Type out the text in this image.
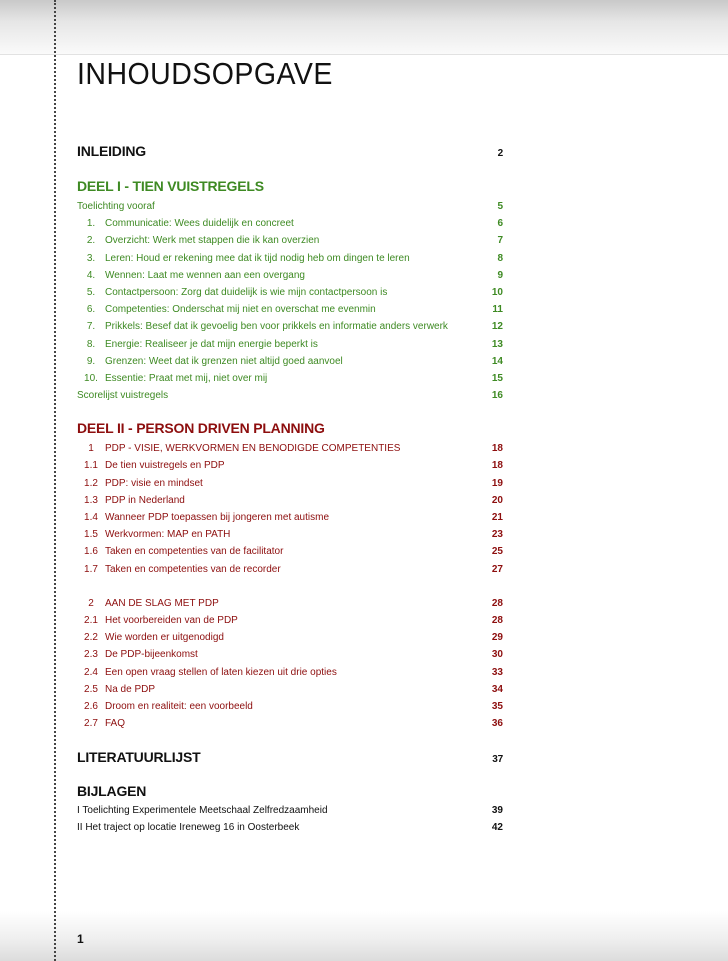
INHOUDSOPGAVE
INLEIDING	2
DEEL I - TIEN VUISTREGELS
Toelichting vooraf	5
1. Communicatie: Wees duidelijk en concreet	6
2. Overzicht: Werk met stappen die ik kan overzien	7
3. Leren: Houd er rekening mee dat ik tijd nodig heb om dingen te leren	8
4. Wennen: Laat me wennen aan een overgang	9
5. Contactpersoon: Zorg dat duidelijk is wie mijn contactpersoon is	10
6. Competenties: Onderschat mij niet en overschat me evenmin	11
7. Prikkels: Besef dat ik gevoelig ben voor prikkels en informatie anders verwerk	12
8. Energie: Realiseer je dat mijn energie beperkt is	13
9. Grenzen: Weet dat ik grenzen niet altijd goed aanvoel	14
10. Essentie: Praat met mij, niet over mij	15
Scorelijst vuistregels	16
DEEL II - PERSON DRIVEN PLANNING
1	PDP - VISIE, WERKVORMEN EN BENODIGDE COMPETENTIES	18
1.1 De tien vuistregels en PDP	18
1.2 PDP: visie en mindset	19
1.3 PDP in Nederland	20
1.4 Wanneer PDP toepassen bij jongeren met autisme	21
1.5 Werkvormen: MAP en PATH	23
1.6 Taken en competenties van de facilitator	25
1.7 Taken en competenties van de recorder	27
2	AAN DE SLAG MET PDP	28
2.1 Het voorbereiden van de PDP	28
2.2 Wie worden er uitgenodigd	29
2.3 De PDP-bijeenkomst	30
2.4 Een open vraag stellen of laten kiezen uit drie opties	33
2.5 Na de PDP	34
2.6 Droom en realiteit: een voorbeeld	35
2.7 FAQ	36
LITERATUURLIJST	37
BIJLAGEN
I Toelichting Experimentele Meetschaal Zelfredzaamheid	39
II Het traject op locatie Ireneweg 16 in Oosterbeek	42
1
